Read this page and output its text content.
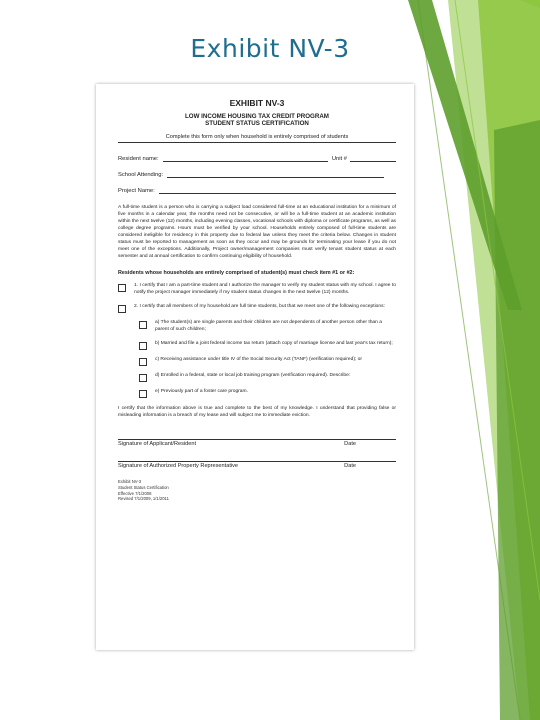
Exhibit NV-3
EXHIBIT NV-3
LOW INCOME HOUSING TAX CREDIT PROGRAM
STUDENT STATUS CERTIFICATION
Complete this form only when household is entirely comprised of students
Resident name:	Unit #
School Attending:
Project Name:
A full-time student is a person who is carrying a subject load considered full-time at an educational institution for a minimum of five months in a calendar year, the months need not be consecutive, or will be a full-time student at an academic institution within the next twelve (12) months, including evening classes, vocational schools with diploma or certificate programs, as well as college degree programs. Hours must be verified by your school. Households entirely composed of full-time students are considered ineligible for residency in this property due to federal law unless they meet the criteria below. Changes in student status must be reported to management as soon as they occur and may be grounds for terminating your lease if you do not meet one of the exceptions. Additionally, Project owner/management companies must verify tenant student status at each semester and at annual certification to confirm continuing eligibility of household.
Residents whose households are entirely comprised of student(s) must check item #1 or #2:
1. I certify that I am a part-time student and I authorize the manager to verify my student status with my school. I agree to notify the project manager immediately if my student status changes in the next twelve (12) months.
2. I certify that all members of my household are full time students, but that we meet one of the following exceptions:
a) The student(s) are single parents and their children are not dependents of another person other than a parent of such children;
b) Married and file a joint federal income tax return (attach copy of marriage license and last year's tax return);
c) Receiving assistance under title IV of the Social Security Act (TANF) (verification required); or
d) Enrolled in a federal, state or local job training program (verification required). Describe:
e) Previously part of a foster care program.
I certify that the information above is true and complete to the best of my knowledge. I understand that providing false or misleading information is a breach of my lease and will subject me to immediate eviction.
Signature of Applicant/Resident	Date
Signature of Authorized Property Representative	Date
Exhibit NV-3
Student Status Certification
Effective 7/1/2008
Revised 7/1/2009, 1/1/2011
